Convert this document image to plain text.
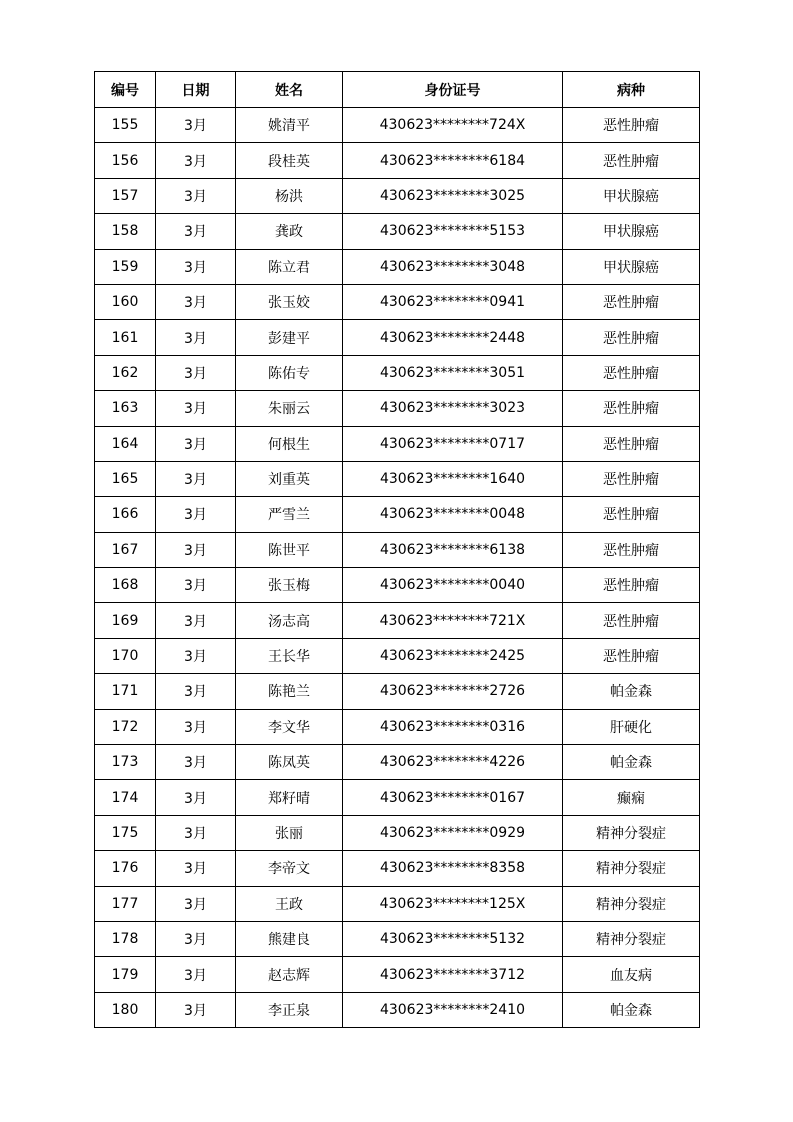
编号	日期	姓名	身份证号	病种
155	3月	姚清平	430623********724X	恶性肿瘤
156	3月	段桂英	430623********6184	恶性肿瘤
157	3月	杨洪	430623********3025	甲状腺癌
158	3月	龚政	430623********5153	甲状腺癌
159	3月	陈立君	430623********3048	甲状腺癌
160	3月	张玉姣	430623********0941	恶性肿瘤
161	3月	彭建平	430623********2448	恶性肿瘤
162	3月	陈佑专	430623********3051	恶性肿瘤
163	3月	朱丽云	430623********3023	恶性肿瘤
164	3月	何根生	430623********0717	恶性肿瘤
165	3月	刘重英	430623********1640	恶性肿瘤
166	3月	严雪兰	430623********0048	恶性肿瘤
167	3月	陈世平	430623********6138	恶性肿瘤
168	3月	张玉梅	430623********0040	恶性肿瘤
169	3月	汤志高	430623********721X	恶性肿瘤
170	3月	王长华	430623********2425	恶性肿瘤
171	3月	陈艳兰	430623********2726	帕金森
172	3月	李文华	430623********0316	肝硬化
173	3月	陈凤英	430623********4226	帕金森
174	3月	郑籽晴	430623********0167	癫痫
175	3月	张丽	430623********0929	精神分裂症
176	3月	李帝文	430623********8358	精神分裂症
177	3月	王政	430623********125X	精神分裂症
178	3月	熊建良	430623********5132	精神分裂症
179	3月	赵志辉	430623********3712	血友病
180	3月	李正泉	430623********2410	帕金森
